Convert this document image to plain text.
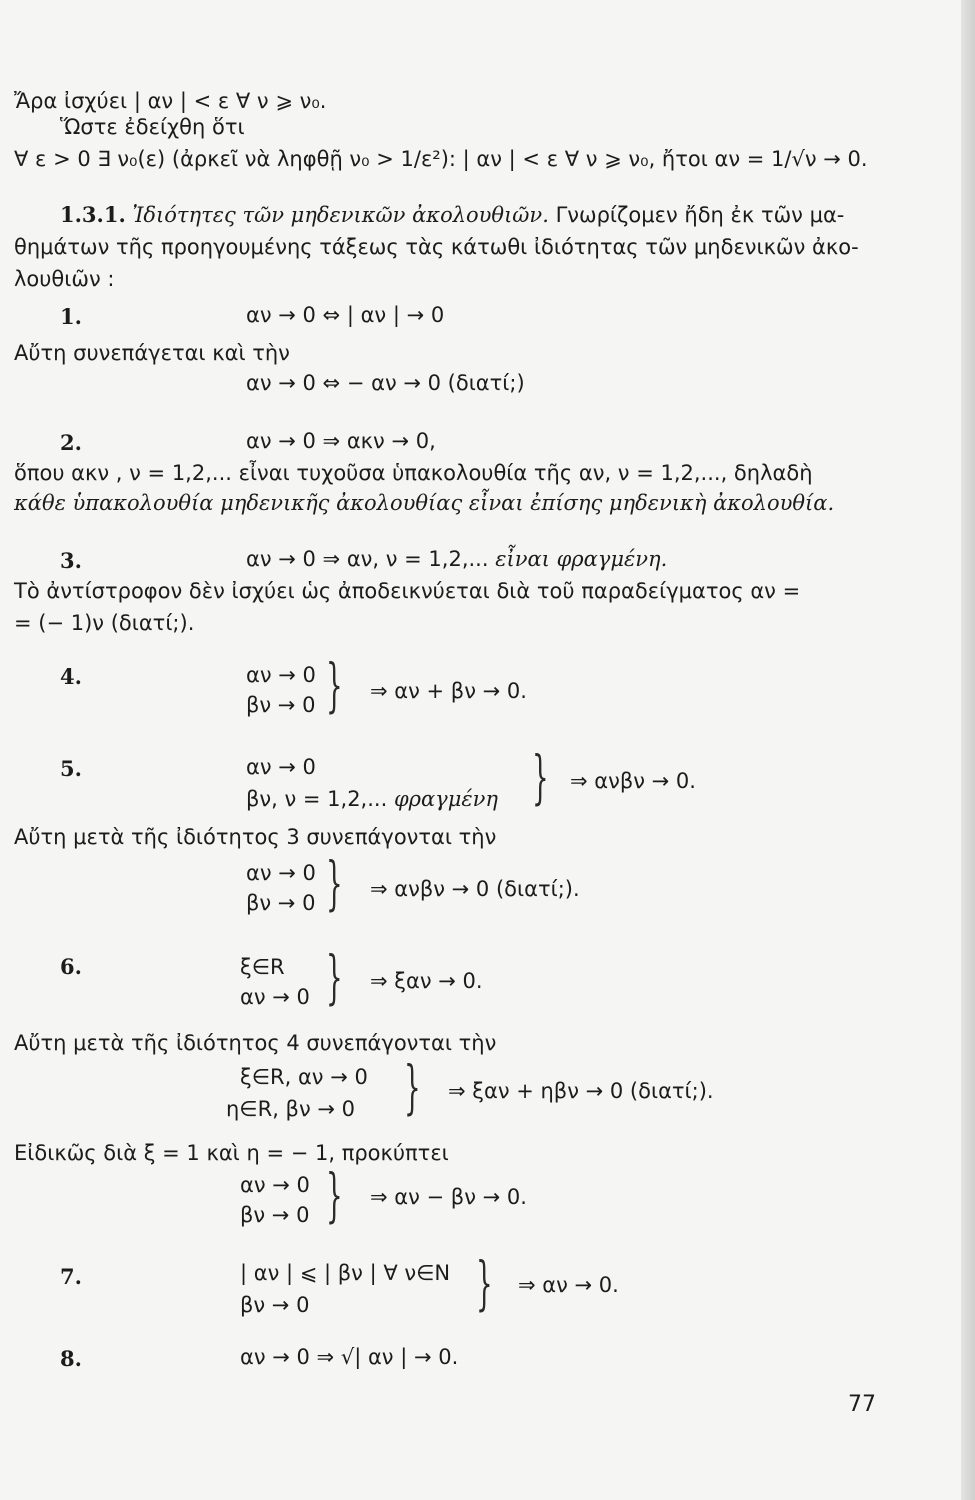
Ἄρα ἰσχύει | αν | < ε ∀ ν ⩾ ν₀.
Ὥστε ἐδείχθη ὅτι
∀ ε > 0 ∃ ν₀(ε) (ἀρκεῖ νὰ ληφθῇ ν₀ > 1/ε²): | αν | < ε ∀ ν ⩾ ν₀, ἤτοι αν = 1/√ν → 0.
1.3.1. Ἰδιότητες τῶν μηδενικῶν ἀκολουθιῶν. Γνωρίζομεν ἤδη ἐκ τῶν μα-
θημάτων τῆς προηγουμένης τάξεως τὰς κάτωθι ἰδιότητας τῶν μηδενικῶν ἀκο-
λουθιῶν :
1.	αν → 0 ⇔ | αν | → 0
Αὔτη συνεπάγεται καὶ τὴν
αν → 0 ⇔ − αν → 0 (διατί;)
2.	αν → 0 ⇒ ακν → 0,
ὅπου ακν , ν = 1,2,... εἶναι τυχοῦσα ὑπακολουθία τῆς αν, ν = 1,2,..., δηλαδὴ
κάθε ὑπακολουθία μηδενικῆς ἀκολουθίας εἶναι ἐπίσης μηδενικὴ ἀκολουθία.
3.	αν → 0 ⇒ αν, ν = 1,2,... εἶναι φραγμένη.
Τὸ ἀντίστροφον δὲν ἰσχύει ὡς ἀποδεικνύεται διὰ τοῦ παραδείγματος αν =
= (− 1)ν (διατί;).
4.	αν → 0
βν → 0 } ⇒ αν + βν → 0.
5.	αν → 0
βν, ν = 1,2,... φραγμένη } ⇒ ανβν → 0.
Αὔτη μετὰ τῆς ἰδιότητος 3 συνεπάγονται τὴν
αν → 0
βν → 0 } ⇒ ανβν → 0 (διατί;).
6.	ξ∈R
αν → 0 } ⇒ ξαν → 0.
Αὔτη μετὰ τῆς ἰδιότητος 4 συνεπάγονται τὴν
ξ∈R, αν → 0
η∈R, βν → 0 } ⇒ ξαν + ηβν → 0 (διατί;).
Εἰδικῶς διὰ ξ = 1 καὶ η = − 1, προκύπτει
αν → 0
βν → 0 } ⇒ αν − βν → 0.
7.	| αν | ⩽ | βν | ∀ ν∈N
βν → 0	} ⇒ αν → 0.
8.	αν → 0 ⇒ √| αν | → 0.
77
